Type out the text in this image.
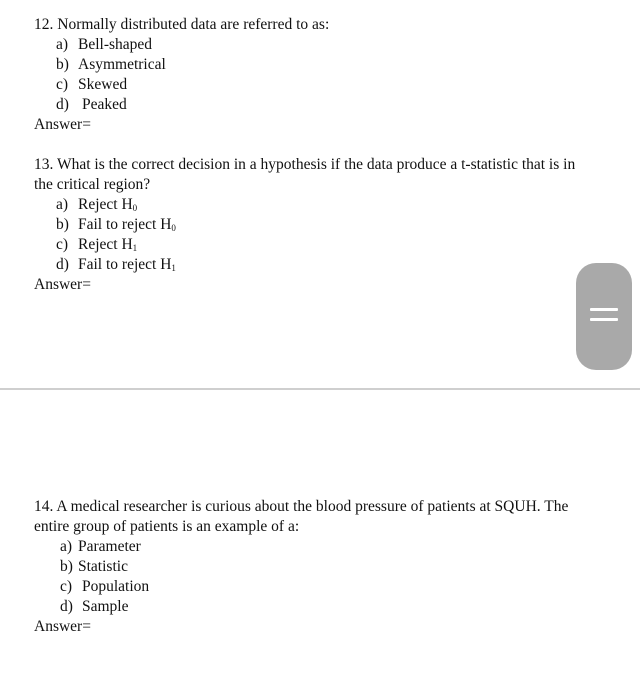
12. Normally distributed data are referred to as:

a) Bell-shaped
b) Asymmetrical
c) Skewed
d) Peaked

Answer=

13. What is the correct decision in a hypothesis if the data produce a t-statistic that is in the critical region?

a) Reject $H_0$
b) Fail to reject $H_0$
c) Reject $H_1$
d) Fail to reject $H_1$

Answer=

14. A medical researcher is curious about the blood pressure of patients at SQUH. The entire group of patients is an example of a:

a) Parameter
b) Statistic
c) Population
d) Sample

Answer=
